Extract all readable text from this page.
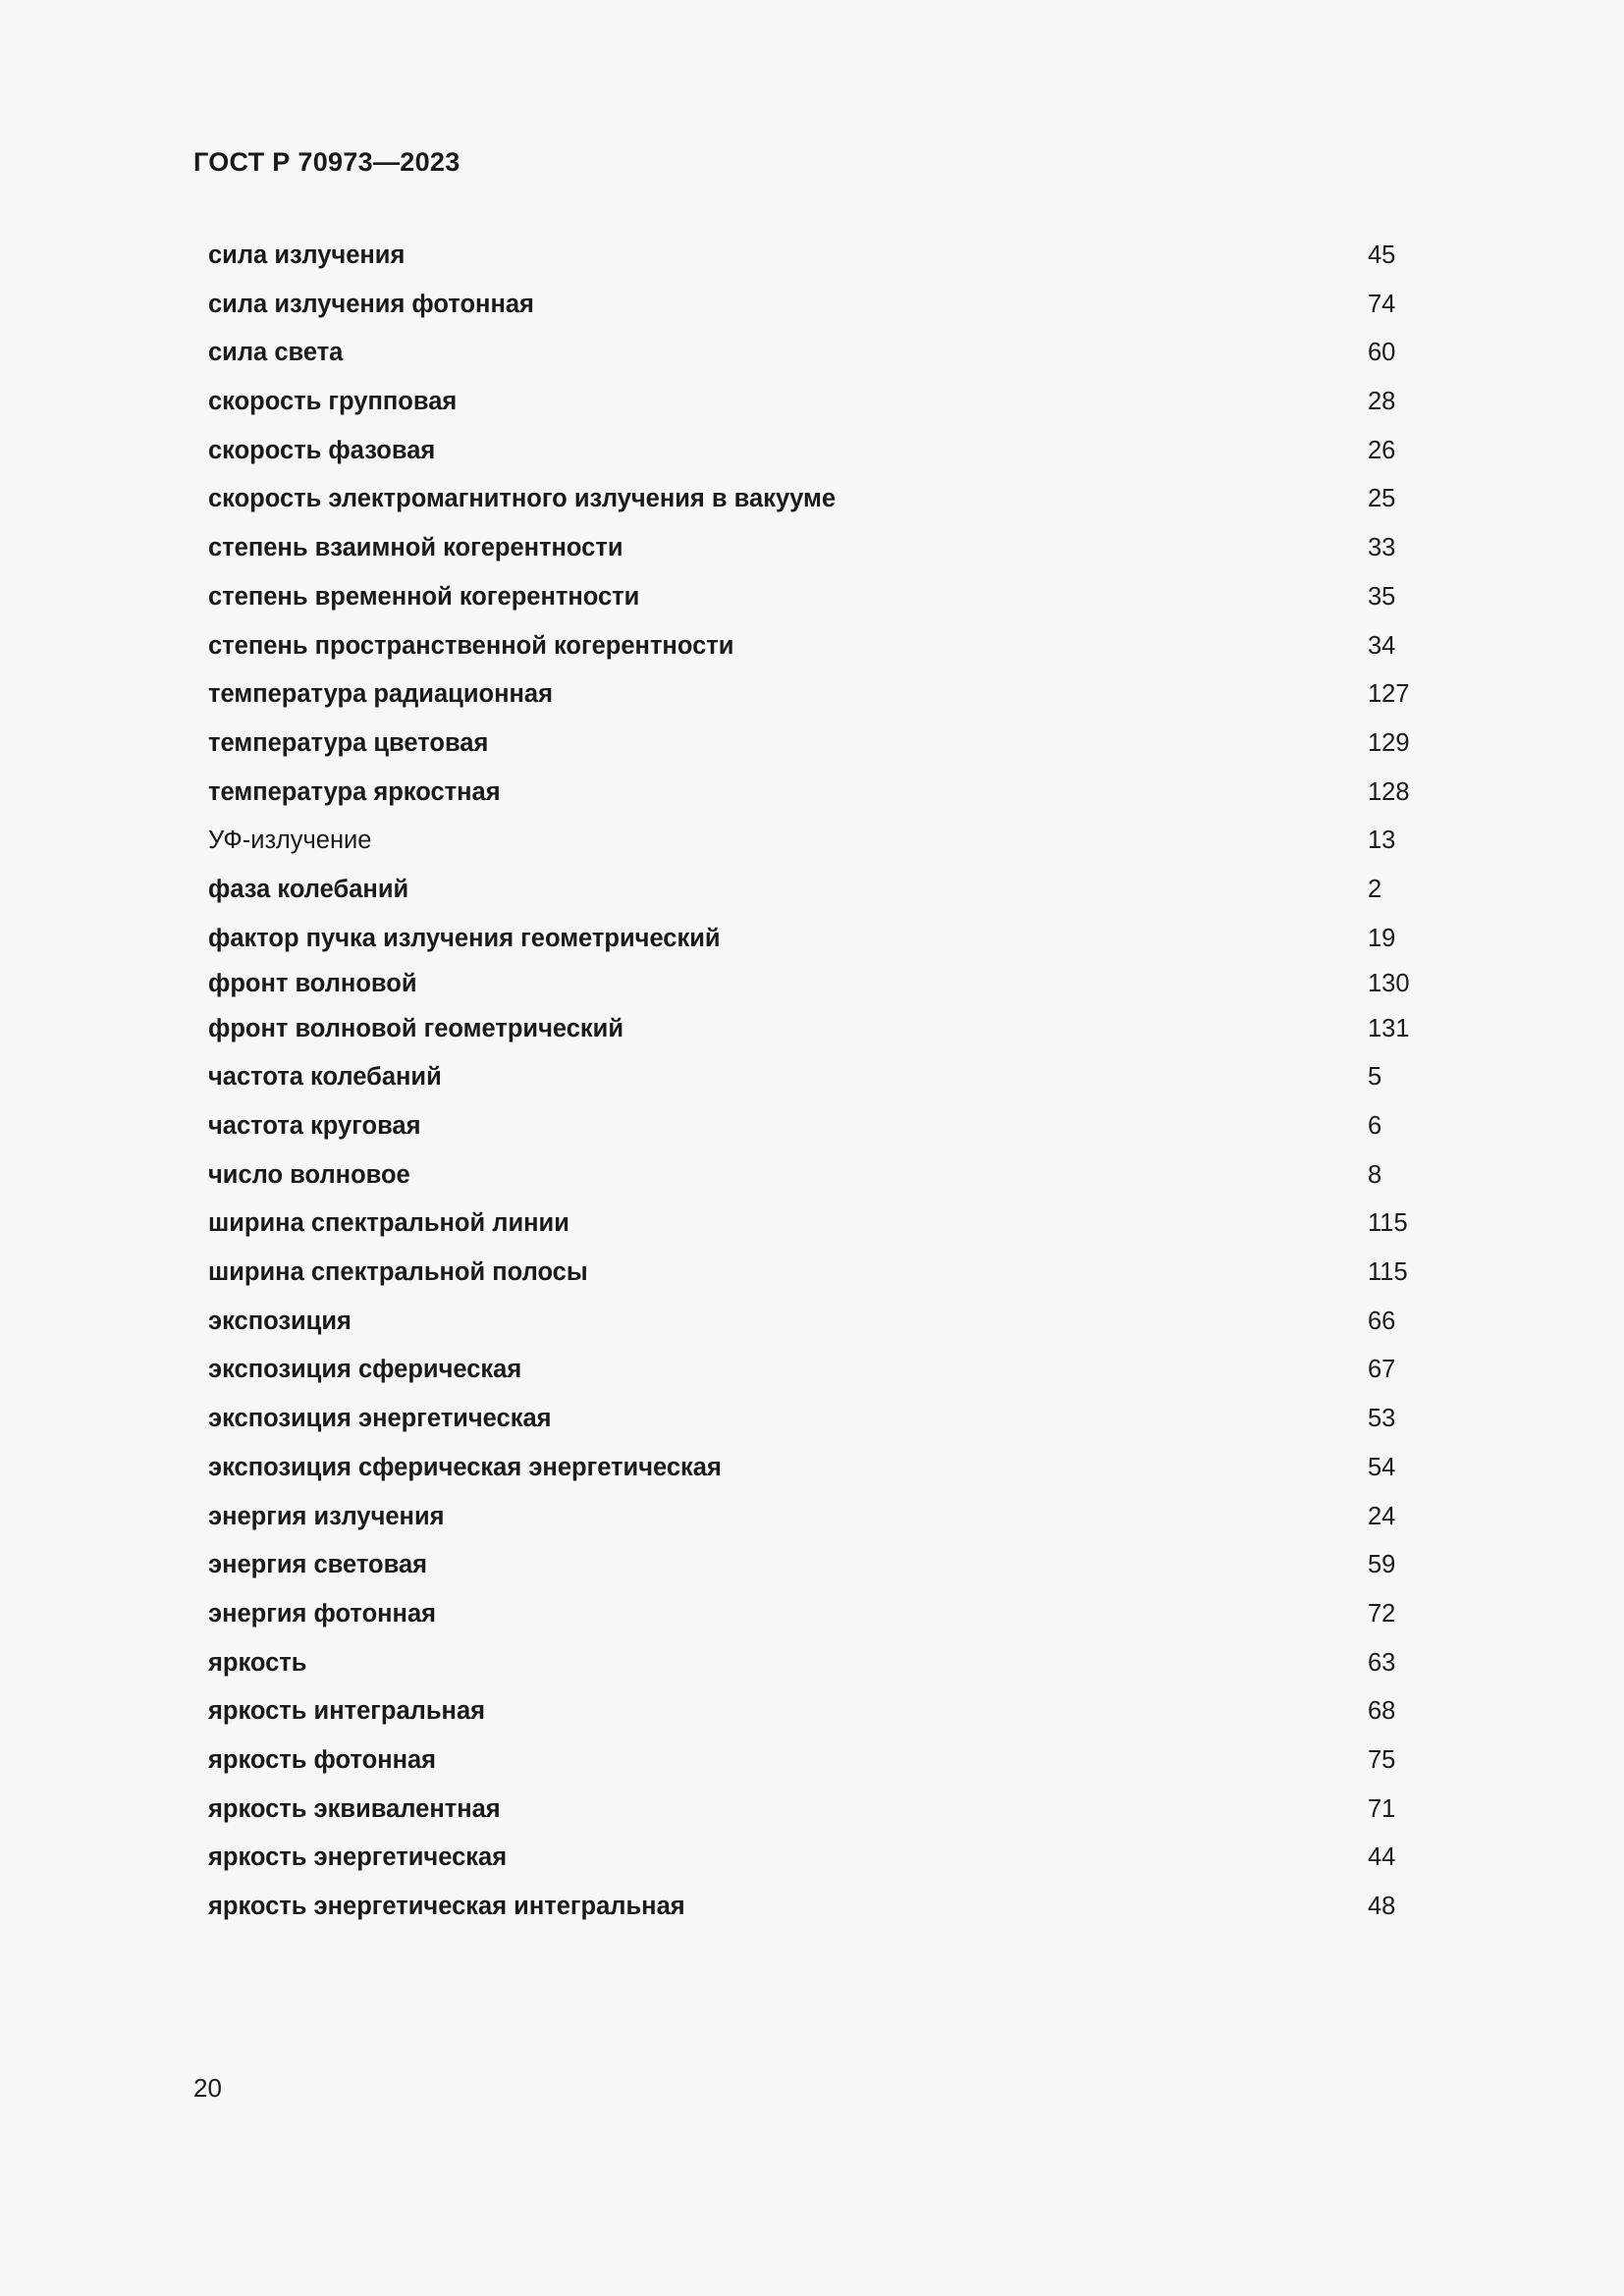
ГОСТ Р 70973—2023
сила излучения	45
сила излучения фотонная	74
сила света	60
скорость групповая	28
скорость фазовая	26
скорость электромагнитного излучения в вакууме	25
степень взаимной когерентности	33
степень временной когерентности	35
степень пространственной когерентности	34
температура радиационная	127
температура цветовая	129
температура яркостная	128
УФ-излучение	13
фаза колебаний	2
фактор пучка излучения геометрический	19
фронт волновой	130
фронт волновой геометрический	131
частота колебаний	5
частота круговая	6
число волновое	8
ширина спектральной линии	115
ширина спектральной полосы	115
экспозиция	66
экспозиция сферическая	67
экспозиция энергетическая	53
экспозиция сферическая энергетическая	54
энергия излучения	24
энергия световая	59
энергия фотонная	72
яркость	63
яркость интегральная	68
яркость фотонная	75
яркость эквивалентная	71
яркость энергетическая	44
яркость энергетическая интегральная	48
20
